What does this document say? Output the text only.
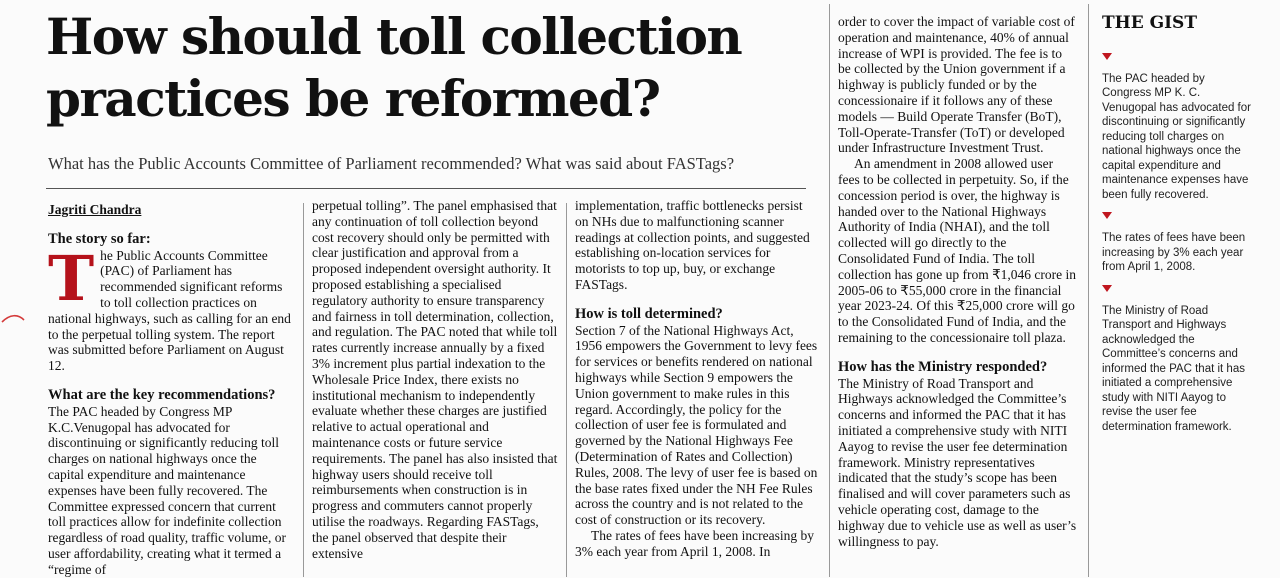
How should toll collection practices be reformed?

What has the Public Accounts Committee of Parliament recommended? What was said about FASTags?

Jagriti Chandra

The story so far:

The Public Accounts Committee (PAC) of Parliament has recommended significant reforms to toll collection practices on national highways, such as calling for an end to the perpetual tolling system. The report was submitted before Parliament on August 12.

What are the key recommendations?

The PAC headed by Congress MP K.C.Venugopal has advocated for discontinuing or significantly reducing toll charges on national highways once the capital expenditure and maintenance expenses have been fully recovered. The Committee expressed concern that current toll practices allow for indefinite collection regardless of road quality, traffic volume, or user affordability, creating what it termed a “regime of

perpetual tolling”. The panel emphasised that any continuation of toll collection beyond cost recovery should only be permitted with clear justification and approval from a proposed independent oversight authority. It proposed establishing a specialised regulatory authority to ensure transparency and fairness in toll determination, collection, and regulation. The PAC noted that while toll rates currently increase annually by a fixed 3% increment plus partial indexation to the Wholesale Price Index, there exists no institutional mechanism to independently evaluate whether these charges are justified relative to actual operational and maintenance costs or future service requirements. The panel has also insisted that highway users should receive toll reimbursements when construction is in progress and commuters cannot properly utilise the roadways. Regarding FASTags, the panel observed that despite their extensive

implementation, traffic bottlenecks persist on NHs due to malfunctioning scanner readings at collection points, and suggested establishing on-location services for motorists to top up, buy, or exchange FASTags.

How is toll determined?

Section 7 of the National Highways Act, 1956 empowers the Government to levy fees for services or benefits rendered on national highways while Section 9 empowers the Union government to make rules in this regard. Accordingly, the policy for the collection of user fee is formulated and governed by the National Highways Fee (Determination of Rates and Collection) Rules, 2008. The levy of user fee is based on the base rates fixed under the NH Fee Rules across the country and is not related to the cost of construction or its recovery.

The rates of fees have been increasing by 3% each year from April 1, 2008. In

order to cover the impact of variable cost of operation and maintenance, 40% of annual increase of WPI is provided. The fee is to be collected by the Union government if a highway is publicly funded or by the concessionaire if it follows any of these models — Build Operate Transfer (BoT), Toll-Operate-Transfer (ToT) or developed under Infrastructure Investment Trust.

An amendment in 2008 allowed user fees to be collected in perpetuity. So, if the concession period is over, the highway is handed over to the National Highways Authority of India (NHAI), and the toll collected will go directly to the Consolidated Fund of India. The toll collection has gone up from ₹1,046 crore in 2005-06 to ₹55,000 crore in the financial year 2023-24. Of this ₹25,000 crore will go to the Consolidated Fund of India, and the remaining to the concessionaire toll plaza.

How has the Ministry responded?

The Ministry of Road Transport and Highways acknowledged the Committee’s concerns and informed the PAC that it has initiated a comprehensive study with NITI Aayog to revise the user fee determination framework. Ministry representatives indicated that the study’s scope has been finalised and will cover parameters such as vehicle operating cost, damage to the highway due to vehicle use as well as user’s willingness to pay.

THE GIST
The PAC headed by Congress MP K. C. Venugopal has advocated for discontinuing or significantly reducing toll charges on national highways once the capital expenditure and maintenance expenses have been fully recovered.
The rates of fees have been increasing by 3% each year from April 1, 2008.
The Ministry of Road Transport and Highways acknowledged the Committee’s concerns and informed the PAC that it has initiated a comprehensive study with NITI Aayog to revise the user fee determination framework.
